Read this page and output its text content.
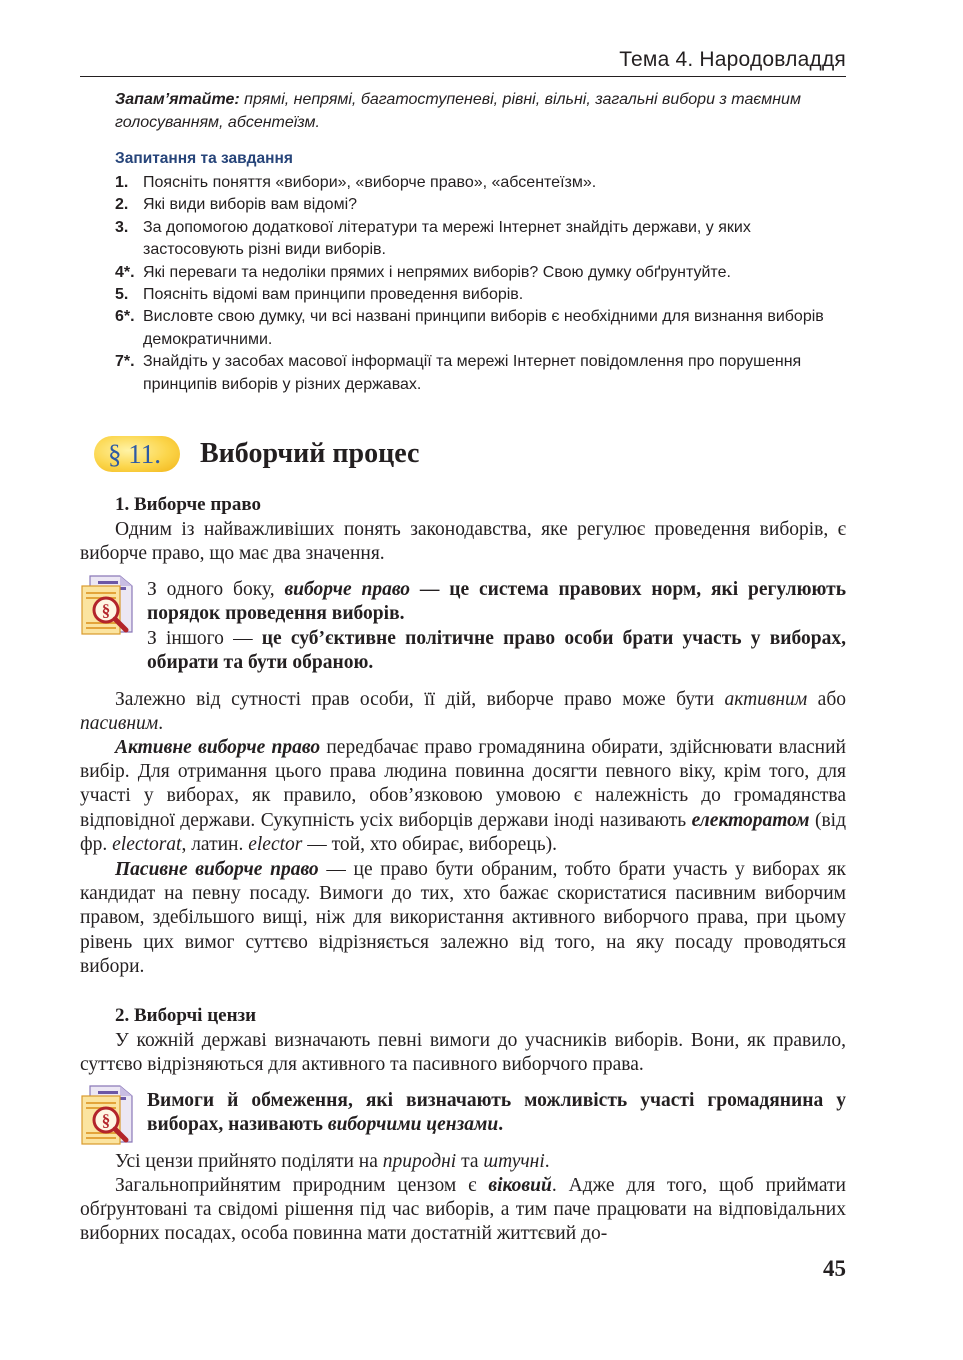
Тема 4. Народовладдя
Запам’ятайте: прямі, непрямі, багатоступеневі, рівні, вільні, загальні вибори з таємним голосуванням, абсентеїзм.
Запитання та завдання
1. Поясніть поняття «вибори», «виборче право», «абсентеїзм».
2. Які види виборів вам відомі?
3. За допомогою додаткової літератури та мережі Інтернет знайдіть держави, у яких застосовують різні види виборів.
4*. Які переваги та недоліки прямих і непрямих виборів? Свою думку обґрунтуйте.
5. Поясніть відомі вам принципи проведення виборів.
6*. Висловте свою думку, чи всі названі принципи виборів є необхідними для визнання виборів демократичними.
7*. Знайдіть у засобах масової інформації та мережі Інтернет повідомлення про порушення принципів виборів у різних державах.
§ 11. Виборчий процес
1. Виборче право
Одним із найважливіших понять законодавства, яке регулює проведення виборів, є виборче право, що має два значення.
§
З одного боку, виборче право — це система правових норм, які регулюють порядок проведення виборів.
З іншого — це суб’єктивне політичне право особи брати участь у виборах, обирати та бути обраною.
Залежно від сутності прав особи, її дій, виборче право може бути активним або пасивним.
Активне виборче право передбачає право громадянина обирати, здійснювати власний вибір. Для отримання цього права людина повинна досягти певного віку, крім того, для участі у виборах, як правило, обов’язковою умовою є належність до громадянства відповідної держави. Сукупність усіх виборців держави іноді називають електоратом (від фр. electorat, латин. elector — той, хто обирає, виборець).
Пасивне виборче право — це право бути обраним, тобто брати участь у виборах як кандидат на певну посаду. Вимоги до тих, хто бажає скористатися пасивним виборчим правом, здебільшого вищі, ніж для використання активного виборчого права, при цьому рівень цих вимог суттєво відрізняється залежно від того, на яку посаду проводяться вибори.
2. Виборчі цензи
У кожній державі визначають певні вимоги до учасників виборів. Вони, як правило, суттєво відрізняються для активного та пасивного виборчого права.
§
Вимоги й обмеження, які визначають можливість участі громадянина у виборах, називають виборчими цензами.
Усі цензи прийнято поділяти на природні та штучні.
Загальноприйнятим природним цензом є віковий. Адже для того, щоб приймати обґрунтовані та свідомі рішення під час виборів, а тим паче працювати на відповідальних виборних посадах, особа повинна мати достатній життєвий до-
45
